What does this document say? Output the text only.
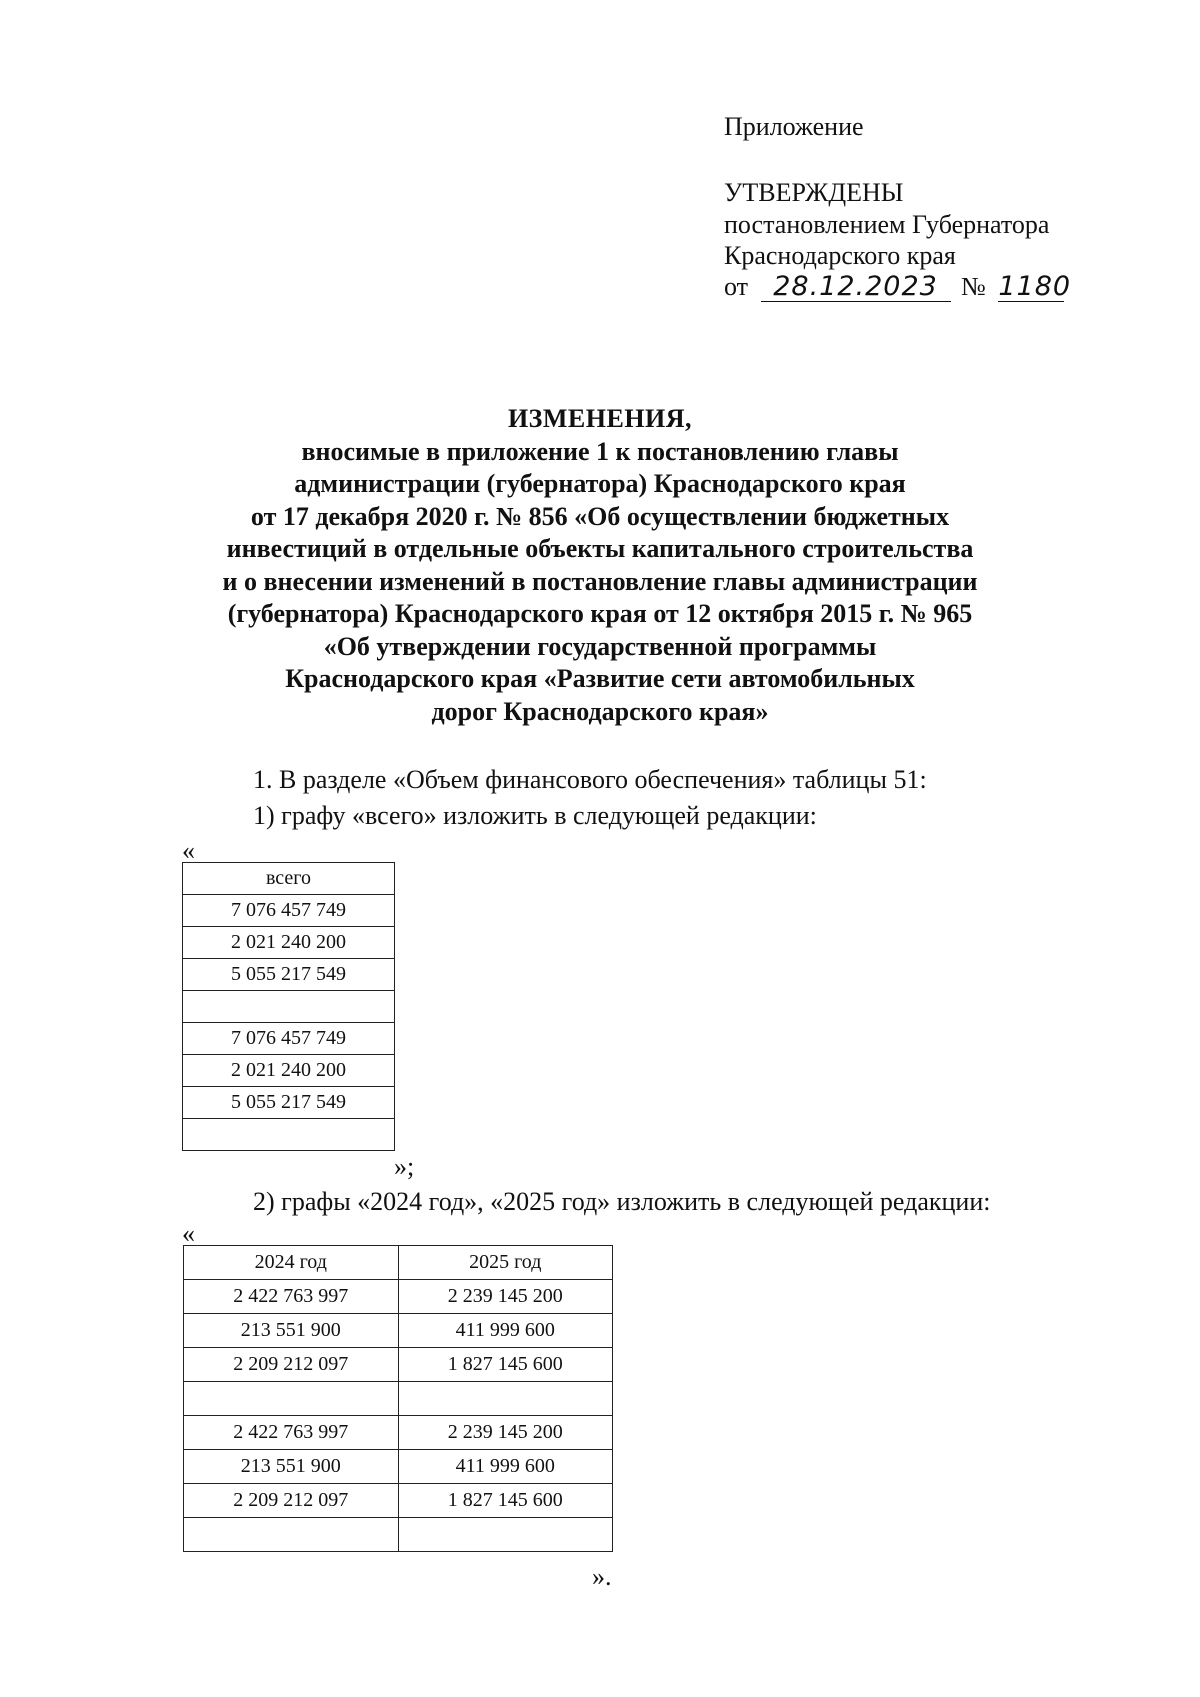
Приложение
УТВЕРЖДЕНЫ
постановлением Губернатора
Краснодарского края
от 28.12.2023 № 1180
ИЗМЕНЕНИЯ,
вносимые в приложение 1 к постановлению главы
администрации (губернатора) Краснодарского края
от 17 декабря 2020 г. № 856 «Об осуществлении бюджетных
инвестиций в отдельные объекты капитального строительства
и о внесении изменений в постановление главы администрации
(губернатора) Краснодарского края от 12 октября 2015 г. № 965
«Об утверждении государственной программы
Краснодарского края «Развитие сети автомобильных
дорог Краснодарского края»
1. В разделе «Объем финансового обеспечения» таблицы 51:
1) графу «всего» изложить в следующей редакции:
«
всего
7 076 457 749
2 021 240 200
5 055 217 549

7 076 457 749
2 021 240 200
5 055 217 549

»;
2) графы «2024 год», «2025 год» изложить в следующей редакции:
«
2024 год	2025 год
2 422 763 997	2 239 145 200
213 551 900	411 999 600
2 209 212 097	1 827 145 600

2 422 763 997	2 239 145 200
213 551 900	411 999 600
2 209 212 097	1 827 145 600

».
